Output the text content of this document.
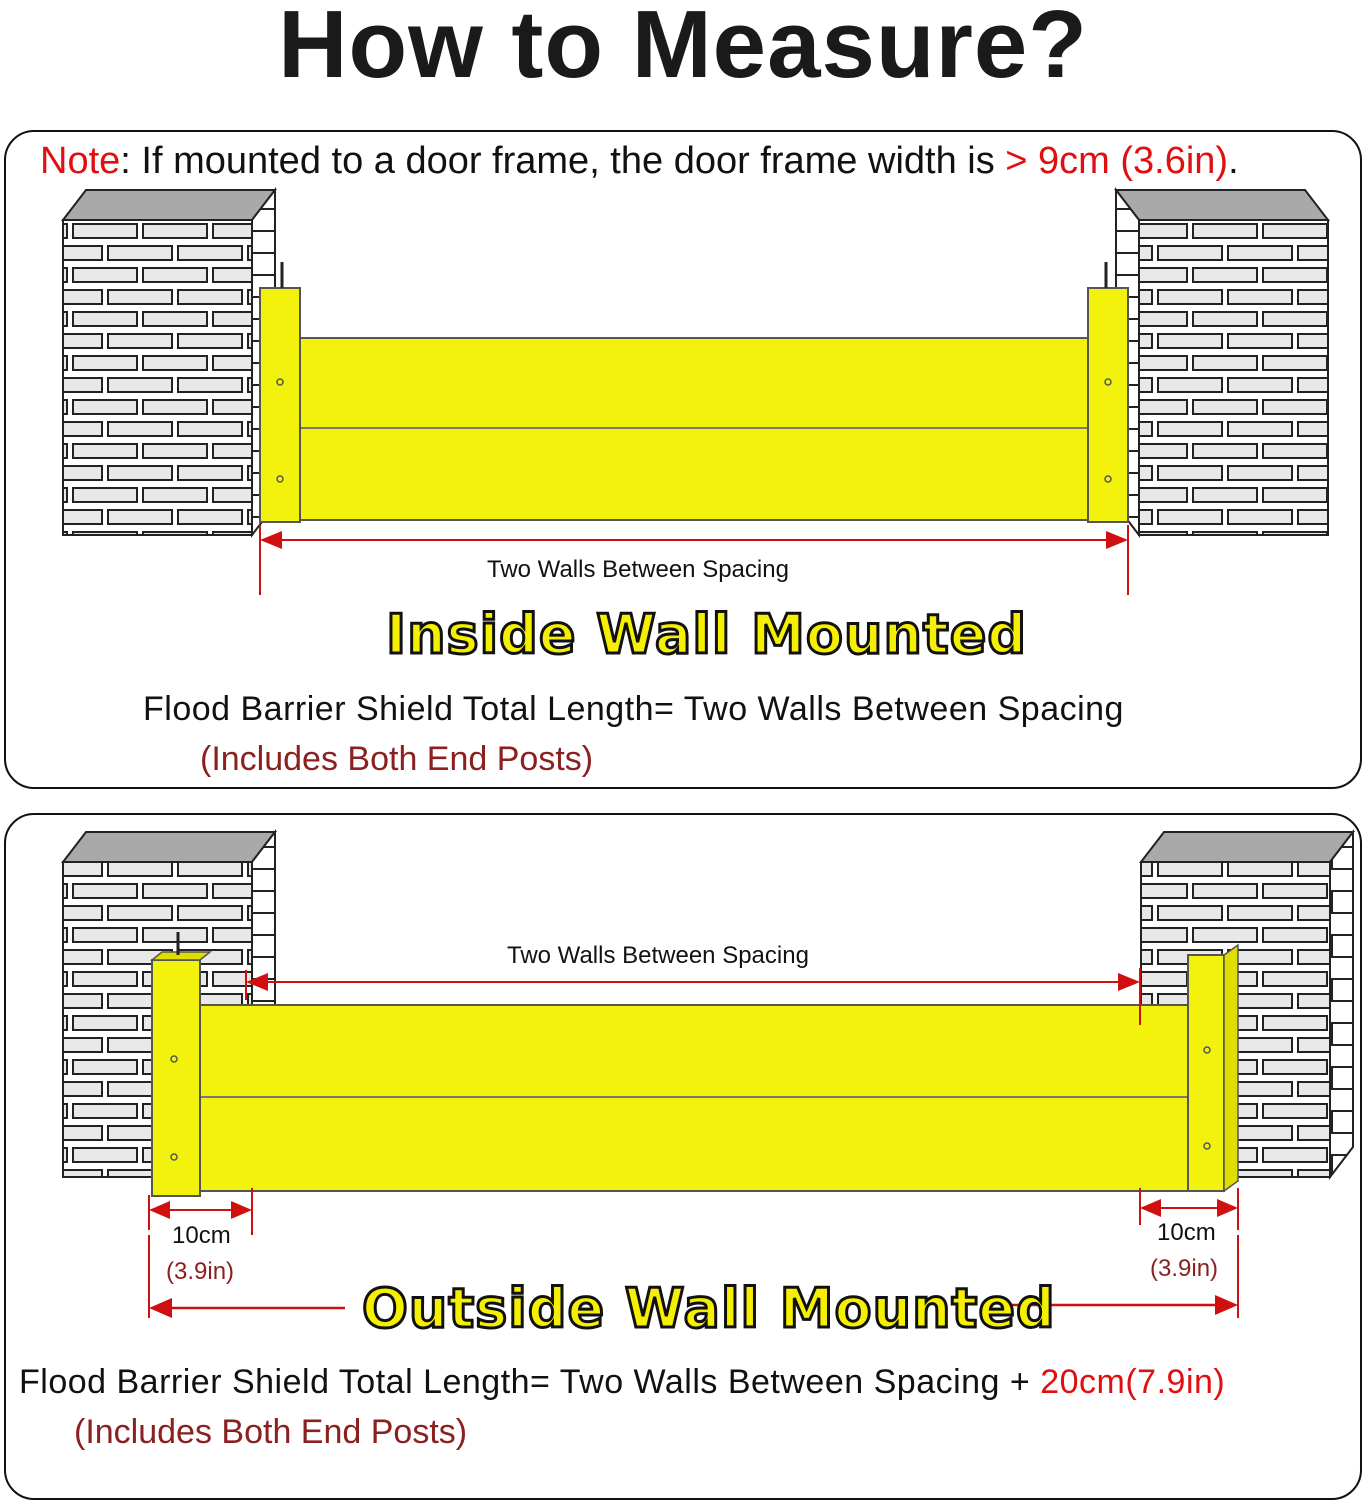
How to Measure?
Note: If mounted to a door frame, the door frame width is > 9cm (3.6in).
Two Walls Between Spacing
Inside Wall Mounted
Flood Barrier Shield Total Length= Two Walls Between Spacing
(Includes Both End Posts)
Two Walls Between Spacing
10cm
(3.9in)
10cm
(3.9in)
Outside Wall Mounted
Flood Barrier Shield Total Length= Two Walls Between Spacing + 20cm(7.9in)
(Includes Both End Posts)
